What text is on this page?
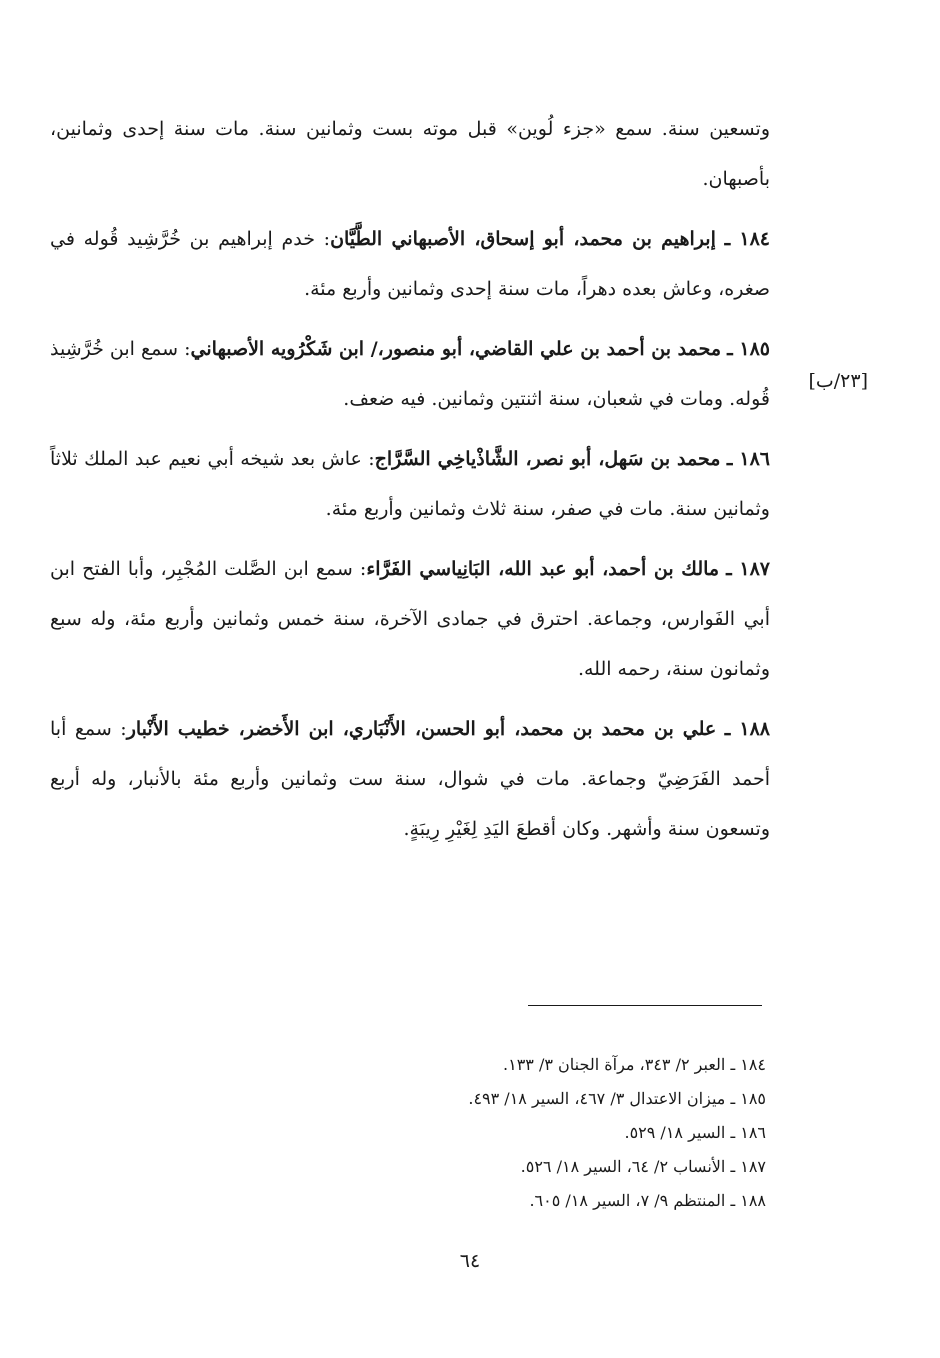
[٢٣/ب]

وتسعين سنة. سمع «جزء لُوين» قبل موته بست وثمانين سنة. مات سنة إحدى وثمانين، بأصبهان.

١٨٤ ـ إبراهيم بن محمد، أبو إسحاق، الأصبهاني الطَّيَّان: خدم إبراهيم بن خُرَّشِيد قُوله في صغره، وعاش بعده دهراً، مات سنة إحدى وثمانين وأربع مئة.

١٨٥ ـ محمد بن أحمد بن علي القاضي، أبو منصور،/ ابن شَكْرُويه الأصبهاني: سمع ابن خُرَّشِيذ قُوله. ومات في شعبان، سنة اثنتين وثمانين. فيه ضعف.

١٨٦ ـ محمد بن سَهل، أبو نصر، الشَّاذْياخِي السَّرَّاج: عاش بعد شيخه أبي نعيم عبد الملك ثلاثاً وثمانين سنة. مات في صفر، سنة ثلاث وثمانين وأربع مئة.

١٨٧ ـ مالك بن أحمد، أبو عبد الله، البَانِياسي الفَرَّاء: سمع ابن الصَّلت المُجْبِر، وأبا الفتح ابن أبي الفَوارس، وجماعة. احترق في جمادى الآخرة، سنة خمس وثمانين وأربع مئة، وله سبع وثمانون سنة، رحمه الله.

١٨٨ ـ علي بن محمد بن محمد، أبو الحسن، الأَنْبَاري، ابن الأَخضر، خطيب الأَنْبار: سمع أبا أحمد الفَرَضِيّ وجماعة. مات في شوال، سنة ست وثمانين وأربع مئة بالأنبار، وله أربع وتسعون سنة وأشهر. وكان أقطعَ اليَدِ لِغَيْرِ رِيبَةٍ.

١٨٤ ـ العبر ٢/ ٣٤٣، مرآة الجنان ٣/ ١٣٣.

١٨٥ ـ ميزان الاعتدال ٣/ ٤٦٧، السير ١٨/ ٤٩٣.

١٨٦ ـ السير ١٨/ ٥٢٩.

١٨٧ ـ الأنساب ٢/ ٦٤، السير ١٨/ ٥٢٦.

١٨٨ ـ المنتظم ٩/ ٧، السير ١٨/ ٦٠٥.

٦٤
